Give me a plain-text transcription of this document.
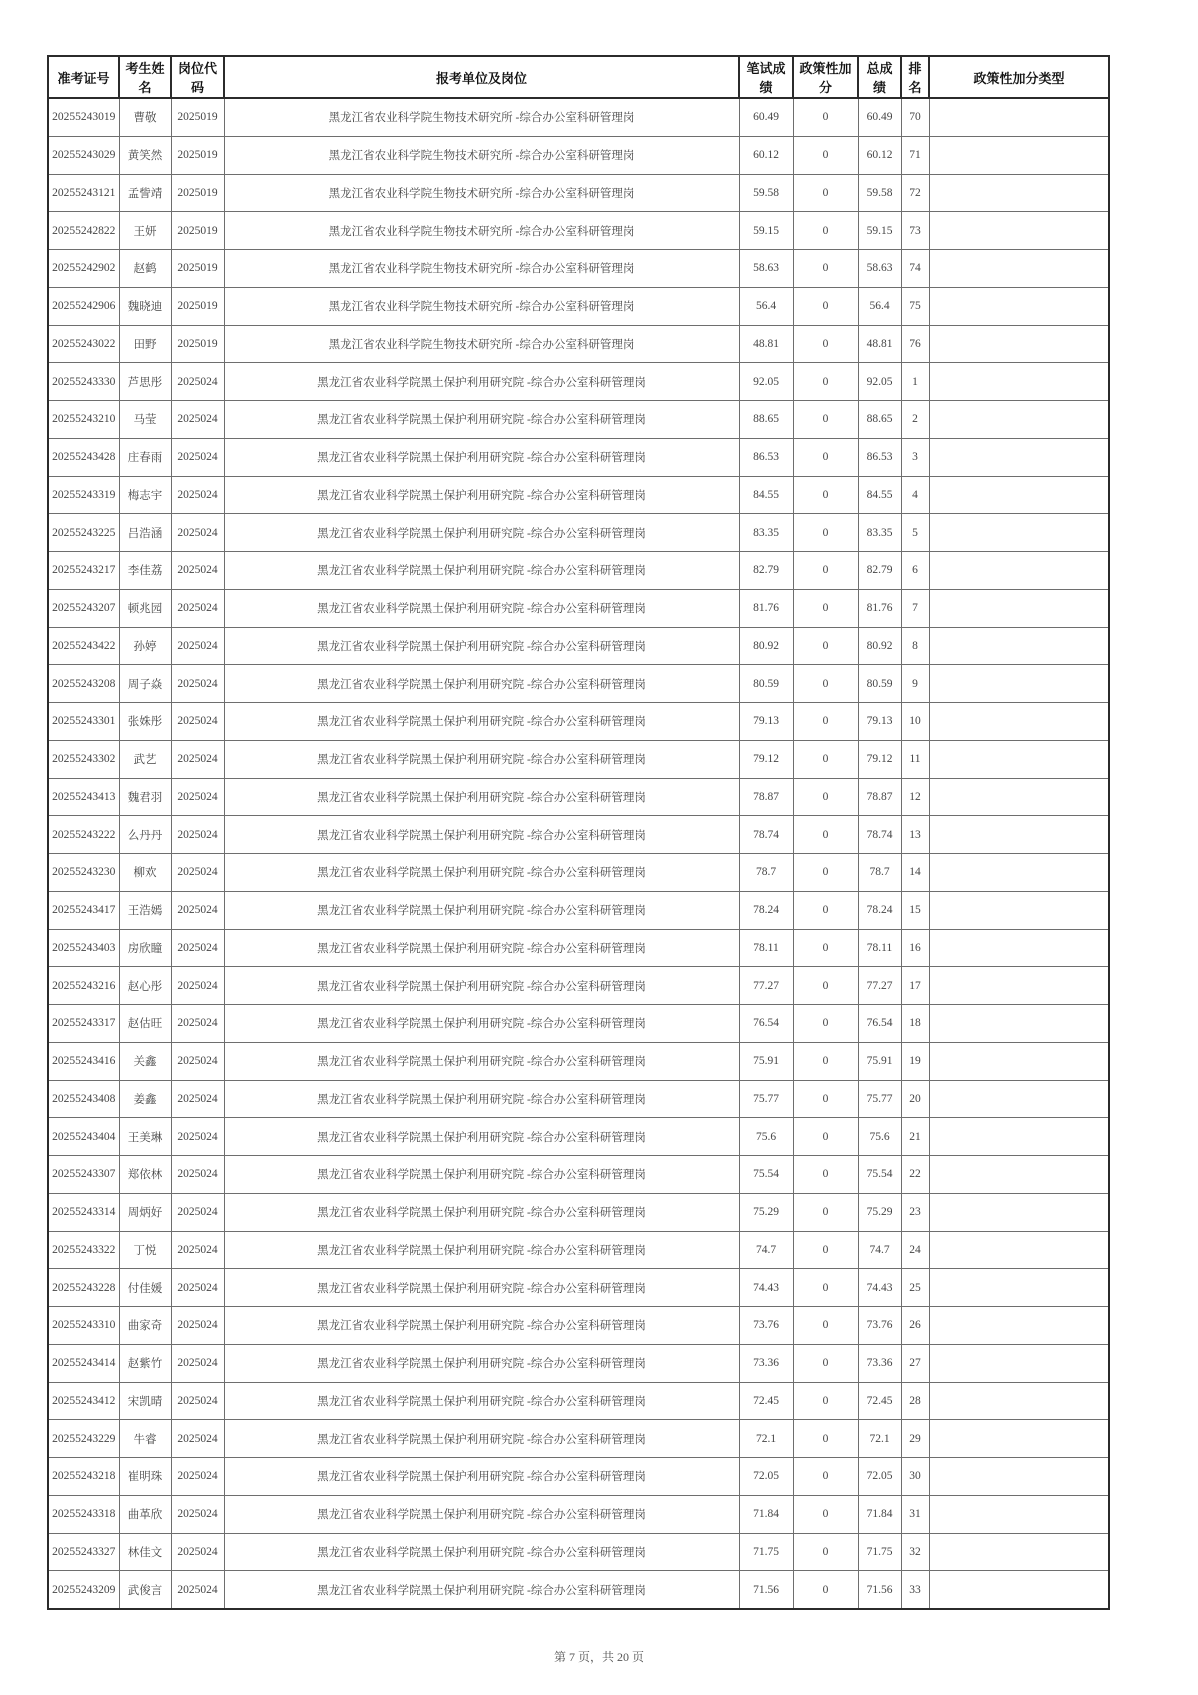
准考证号	考生姓名	岗位代码	报考单位及岗位	笔试成绩	政策性加分	总成绩	排名	政策性加分类型
20255243019	曹敬	2025019	黑龙江省农业科学院生物技术研究所 -综合办公室科研管理岗	60.49	0	60.49	70	
20255243029	黄笑然	2025019	黑龙江省农业科学院生物技术研究所 -综合办公室科研管理岗	60.12	0	60.12	71	
20255243121	孟訾靖	2025019	黑龙江省农业科学院生物技术研究所 -综合办公室科研管理岗	59.58	0	59.58	72	
20255242822	王妍	2025019	黑龙江省农业科学院生物技术研究所 -综合办公室科研管理岗	59.15	0	59.15	73	
20255242902	赵鹤	2025019	黑龙江省农业科学院生物技术研究所 -综合办公室科研管理岗	58.63	0	58.63	74	
20255242906	魏晓迪	2025019	黑龙江省农业科学院生物技术研究所 -综合办公室科研管理岗	56.4	0	56.4	75	
20255243022	田野	2025019	黑龙江省农业科学院生物技术研究所 -综合办公室科研管理岗	48.81	0	48.81	76	
20255243330	芦思彤	2025024	黑龙江省农业科学院黑土保护利用研究院 -综合办公室科研管理岗	92.05	0	92.05	1	
20255243210	马莹	2025024	黑龙江省农业科学院黑土保护利用研究院 -综合办公室科研管理岗	88.65	0	88.65	2	
20255243428	庄春雨	2025024	黑龙江省农业科学院黑土保护利用研究院 -综合办公室科研管理岗	86.53	0	86.53	3	
20255243319	梅志宇	2025024	黑龙江省农业科学院黑土保护利用研究院 -综合办公室科研管理岗	84.55	0	84.55	4	
20255243225	吕浩涵	2025024	黑龙江省农业科学院黑土保护利用研究院 -综合办公室科研管理岗	83.35	0	83.35	5	
20255243217	李佳荔	2025024	黑龙江省农业科学院黑土保护利用研究院 -综合办公室科研管理岗	82.79	0	82.79	6	
20255243207	顿兆园	2025024	黑龙江省农业科学院黑土保护利用研究院 -综合办公室科研管理岗	81.76	0	81.76	7	
20255243422	孙婷	2025024	黑龙江省农业科学院黑土保护利用研究院 -综合办公室科研管理岗	80.92	0	80.92	8	
20255243208	周子焱	2025024	黑龙江省农业科学院黑土保护利用研究院 -综合办公室科研管理岗	80.59	0	80.59	9	
20255243301	张姝彤	2025024	黑龙江省农业科学院黑土保护利用研究院 -综合办公室科研管理岗	79.13	0	79.13	10	
20255243302	武艺	2025024	黑龙江省农业科学院黑土保护利用研究院 -综合办公室科研管理岗	79.12	0	79.12	11	
20255243413	魏君羽	2025024	黑龙江省农业科学院黑土保护利用研究院 -综合办公室科研管理岗	78.87	0	78.87	12	
20255243222	么丹丹	2025024	黑龙江省农业科学院黑土保护利用研究院 -综合办公室科研管理岗	78.74	0	78.74	13	
20255243230	柳欢	2025024	黑龙江省农业科学院黑土保护利用研究院 -综合办公室科研管理岗	78.7	0	78.7	14	
20255243417	王浩嫣	2025024	黑龙江省农业科学院黑土保护利用研究院 -综合办公室科研管理岗	78.24	0	78.24	15	
20255243403	房欣瞳	2025024	黑龙江省农业科学院黑土保护利用研究院 -综合办公室科研管理岗	78.11	0	78.11	16	
20255243216	赵心彤	2025024	黑龙江省农业科学院黑土保护利用研究院 -综合办公室科研管理岗	77.27	0	77.27	17	
20255243317	赵估旺	2025024	黑龙江省农业科学院黑土保护利用研究院 -综合办公室科研管理岗	76.54	0	76.54	18	
20255243416	关鑫	2025024	黑龙江省农业科学院黑土保护利用研究院 -综合办公室科研管理岗	75.91	0	75.91	19	
20255243408	姜鑫	2025024	黑龙江省农业科学院黑土保护利用研究院 -综合办公室科研管理岗	75.77	0	75.77	20	
20255243404	王美琳	2025024	黑龙江省农业科学院黑土保护利用研究院 -综合办公室科研管理岗	75.6	0	75.6	21	
20255243307	郑依林	2025024	黑龙江省农业科学院黑土保护利用研究院 -综合办公室科研管理岗	75.54	0	75.54	22	
20255243314	周炳好	2025024	黑龙江省农业科学院黑土保护利用研究院 -综合办公室科研管理岗	75.29	0	75.29	23	
20255243322	丁悦	2025024	黑龙江省农业科学院黑土保护利用研究院 -综合办公室科研管理岗	74.7	0	74.7	24	
20255243228	付佳媛	2025024	黑龙江省农业科学院黑土保护利用研究院 -综合办公室科研管理岗	74.43	0	74.43	25	
20255243310	曲家奇	2025024	黑龙江省农业科学院黑土保护利用研究院 -综合办公室科研管理岗	73.76	0	73.76	26	
20255243414	赵紫竹	2025024	黑龙江省农业科学院黑土保护利用研究院 -综合办公室科研管理岗	73.36	0	73.36	27	
20255243412	宋凯晴	2025024	黑龙江省农业科学院黑土保护利用研究院 -综合办公室科研管理岗	72.45	0	72.45	28	
20255243229	牛睿	2025024	黑龙江省农业科学院黑土保护利用研究院 -综合办公室科研管理岗	72.1	0	72.1	29	
20255243218	崔明珠	2025024	黑龙江省农业科学院黑土保护利用研究院 -综合办公室科研管理岗	72.05	0	72.05	30	
20255243318	曲革欣	2025024	黑龙江省农业科学院黑土保护利用研究院 -综合办公室科研管理岗	71.84	0	71.84	31	
20255243327	林佳文	2025024	黑龙江省农业科学院黑土保护利用研究院 -综合办公室科研管理岗	71.75	0	71.75	32	
20255243209	武俊言	2025024	黑龙江省农业科学院黑土保护利用研究院 -综合办公室科研管理岗	71.56	0	71.56	33	
第 7 页，共 20 页
